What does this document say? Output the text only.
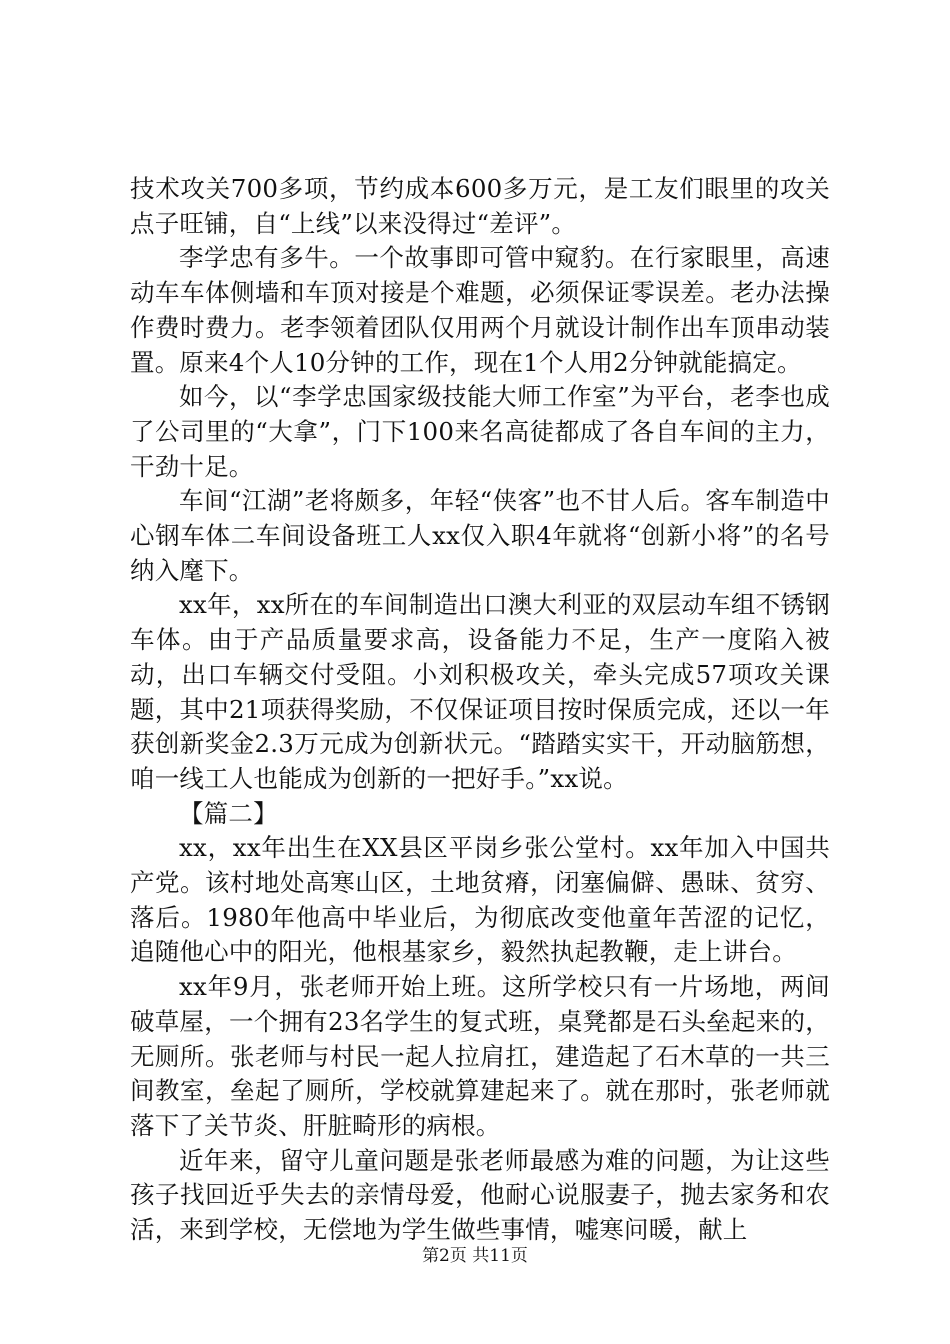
技术攻关700多项，节约成本600多万元，是工友们眼里的攻关点子旺铺，自“上线”以来没得过“差评”。

李学忠有多牛。一个故事即可管中窥豹。在行家眼里，高速动车车体侧墙和车顶对接是个难题，必须保证零误差。老办法操作费时费力。老李领着团队仅用两个月就设计制作出车顶串动装置。原来4个人10分钟的工作，现在1个人用2分钟就能搞定。

如今，以“李学忠国家级技能大师工作室”为平台，老李也成了公司里的“大拿”，门下100来名高徒都成了各自车间的主力，干劲十足。

车间“江湖”老将颇多，年轻“侠客”也不甘人后。客车制造中心钢车体二车间设备班工人xx仅入职4年就将“创新小将”的名号纳入麾下。

xx年，xx所在的车间制造出口澳大利亚的双层动车组不锈钢车体。由于产品质量要求高，设备能力不足，生产一度陷入被动，出口车辆交付受阻。小刘积极攻关，牵头完成57项攻关课题，其中21项获得奖励，不仅保证项目按时保质完成，还以一年获创新奖金2.3万元成为创新状元。“踏踏实实干，开动脑筋想，咱一线工人也能成为创新的一把好手。”xx说。

【篇二】

xx，xx年出生在XX县区平岗乡张公堂村。xx年加入中国共产党。该村地处高寒山区，土地贫瘠，闭塞偏僻、愚昧、贫穷、落后。1980年他高中毕业后，为彻底改变他童年苦涩的记忆，追随他心中的阳光，他根基家乡，毅然执起教鞭，走上讲台。

xx年9月，张老师开始上班。这所学校只有一片场地，两间破草屋，一个拥有23名学生的复式班，桌凳都是石头垒起来的，无厕所。张老师与村民一起人拉肩扛，建造起了石木草的一共三间教室，垒起了厕所，学校就算建起来了。就在那时，张老师就落下了关节炎、肝脏畸形的病根。

近年来，留守儿童问题是张老师最感为难的问题，为让这些孩子找回近乎失去的亲情母爱，他耐心说服妻子，抛去家务和农活，来到学校，无偿地为学生做些事情，嘘寒问暖，献上

第2页 共11页
